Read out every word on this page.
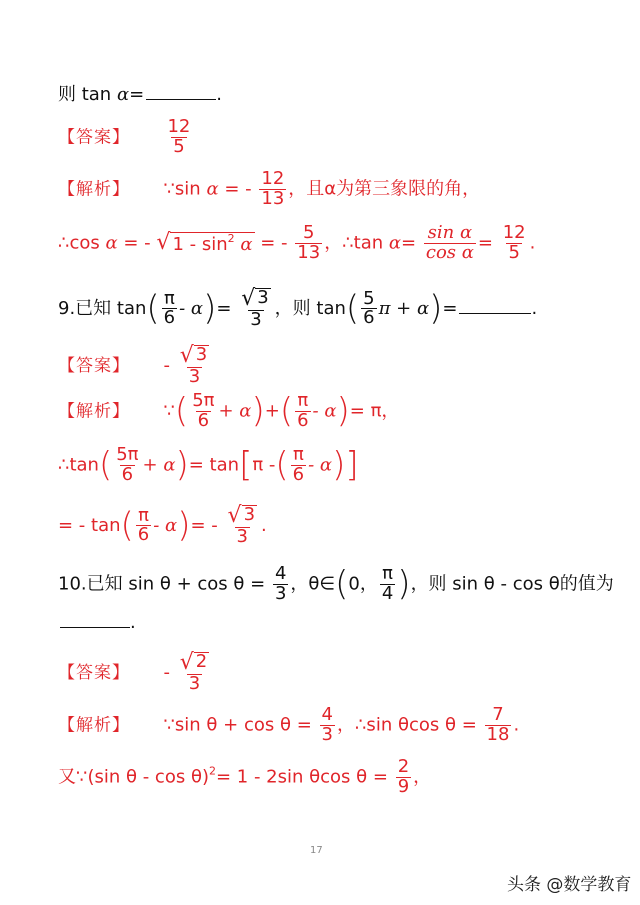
则 tan α=	.
【答案】 $\frac{12}{5}$
【解析】 ∵sin α = - $\frac{12}{13}$ ，且α为第三象限的角，
∴cos α = - √ $1 - \sin^2 \alpha$ = - $\frac{5}{13}$ ，∴tan $\alpha= \frac{\text{sin α}}{\text{cos α}} = \frac{12}{5}$ .
9.已知 $\tan( \frac{\pi}{6} - \alpha)= \frac{√ 3}{3}$ ，则 $\tan( \frac{5}{6}$ π + α)=	.
【答案】 - $\frac{√ 3}{3}$
【解析】 ∵( $\frac{5\pi}{6} + \alpha)+( \frac{\pi}{6} - \alpha)= \pi$，
∴tan( $\frac{5\pi}{6} + \alpha)= \tan[\pi$ -( $\frac{\pi}{6} - \alpha$)]
= - $\tan( \frac{\pi}{6} - \alpha)= - \frac{√ 3}{3}$ .
10.已知 $\sin \theta + \cos \theta = \frac{4}{3}$ ，θ∈(0， $\frac{\pi}{4}$ )，则 sin θ - cos θ的值为
.
【答案】 - $\frac{√ 2}{3}$
【解析】 ∵sin $\theta + \cos \theta = \frac{4}{3}$ ，∴sin θcos $\theta = \frac{7}{18}$ .
又∵(sin θ - cos θ)$^2$= 1 - 2sin θcos $\theta = \frac{2}{9}$ ，
17
头条 @数学教育
